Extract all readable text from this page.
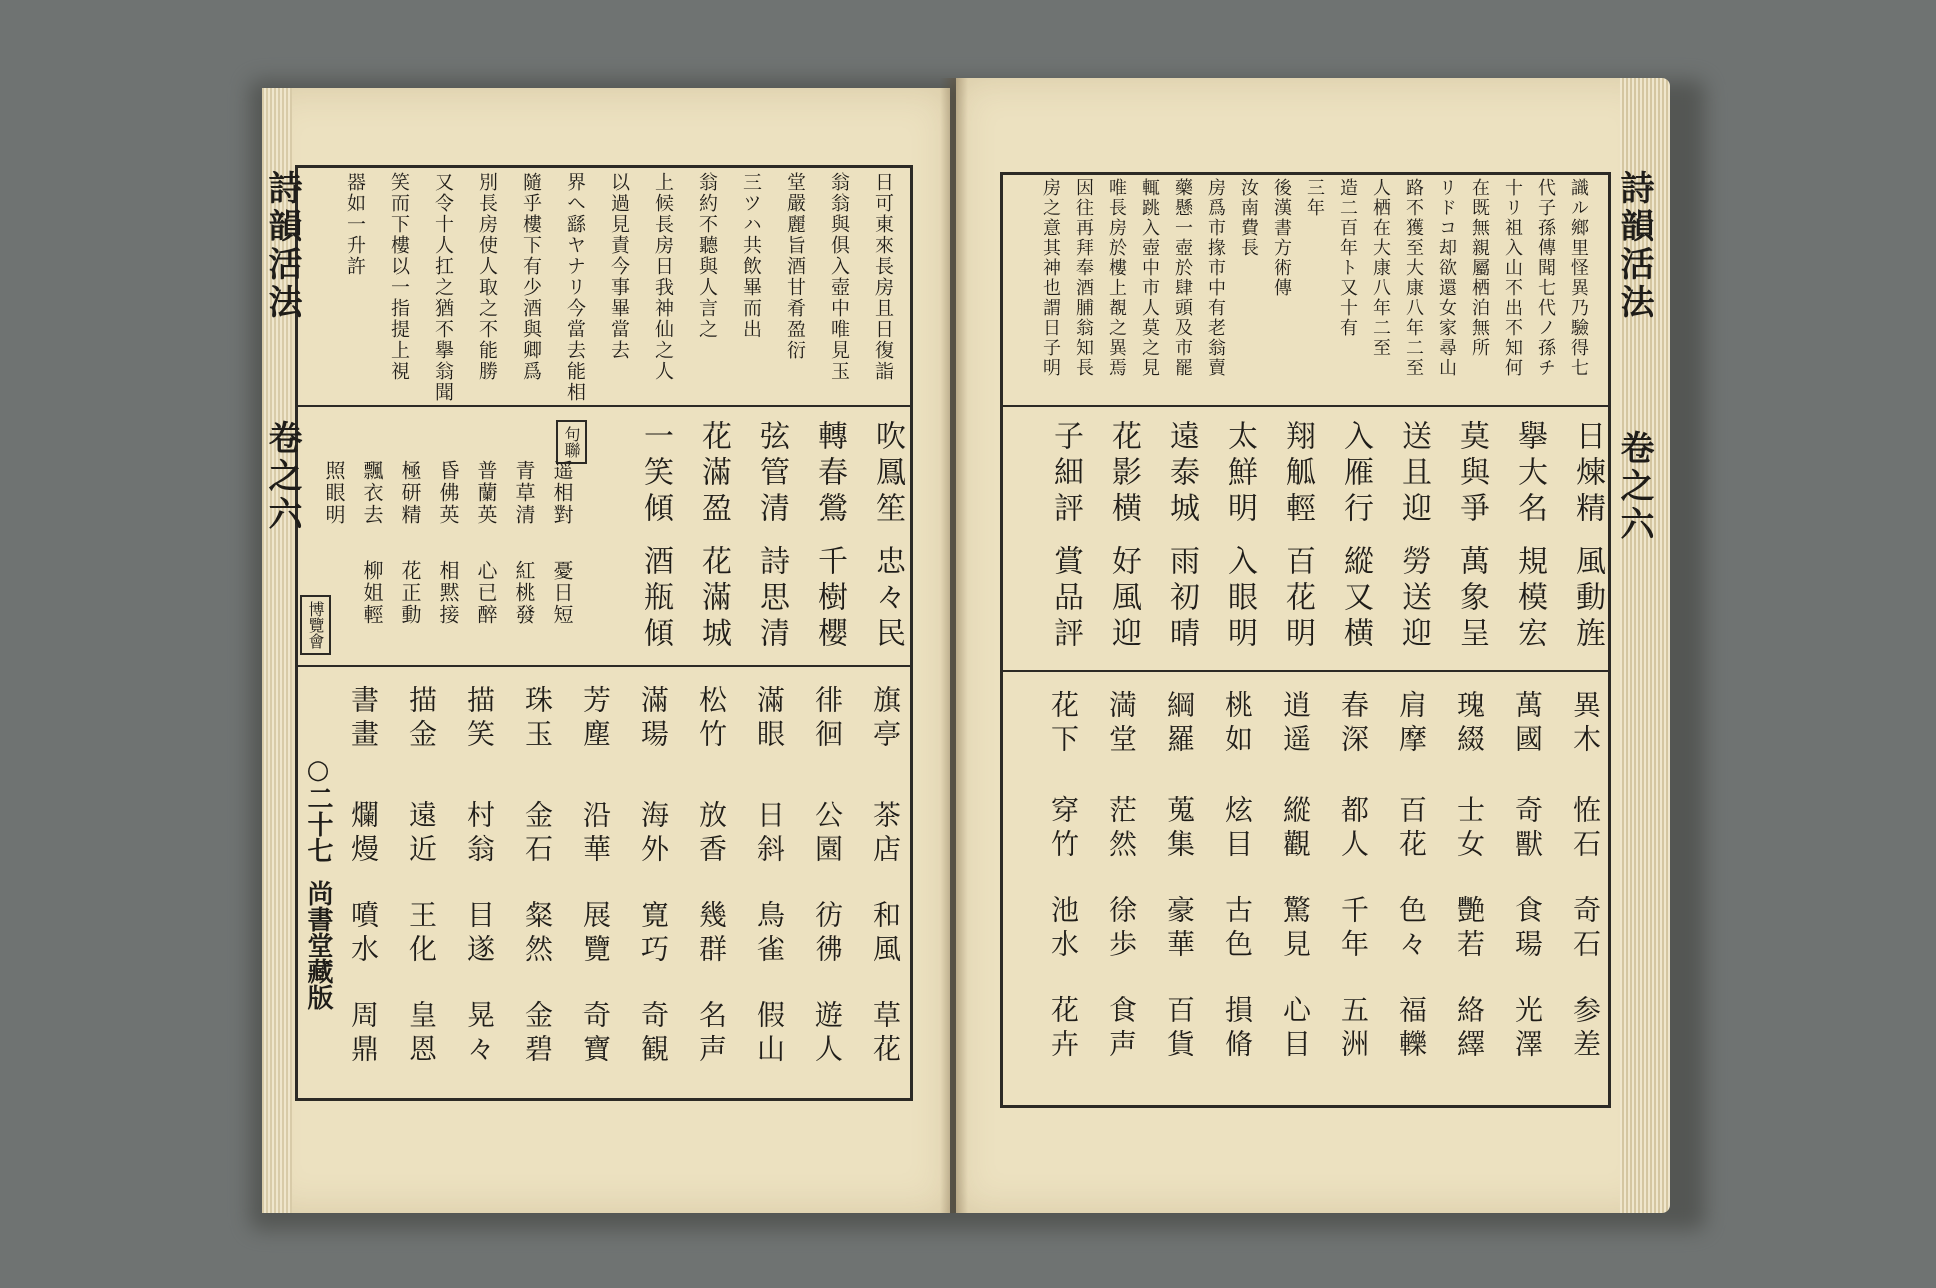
詩韻活法
卷之六
博覽會
○二十七
尚書堂藏版
日可東來長房且日復詣
翁翁與俱入壺中唯見玉
堂嚴麗旨酒甘肴盈衍
三ツハ共飲畢而出
翁約不聽與人言之
上候長房日我神仙之人
以過見責今事畢當去
界へ繇ヤナリ今當去能相
隨乎樓下有少酒與卿爲
別長房使人取之不能勝
又令十人扛之猶不擧翁聞
笑而下樓以一指提上視
器如一升許
句聯	吹鳳笙
轉春鶯
弦管清
花滿盈
一笑傾
遥相對
青草清
普蘭英
昏佛英
極研精
飄衣去
照眼明
忠々民
千樹櫻
詩思清
花滿城
酒瓶傾
憂日短
紅桃發
心已醉
相黙接
花正動
柳姐輕
旗亭
徘徊
滿眼
松竹
滿瑒
芳塵
珠玉
描笑
描金
書畫
茶店
公園
日斜
放香
海外
沿華
金石
村翁
遠近
爛熳
和風
彷彿
鳥雀
幾群
寛巧
展覽
粲然
目遂
王化
噴水
草花
遊人
假山
名声
奇観
奇寶
金碧
晃々
皇恩
周鼎
詩韻活法
卷之六
識ル鄉里怪異乃驗得七
代子孫傳聞七代ノ孫チ
十リ祖入山不出不知何
在既無親屬栖泊無所
リドコ却欲還女家尋山
路不獲至大康八年二至
人栖在大康八年二至
造二百年ト又十有
三年
後漢書方術傳
汝南費長
房爲市掾市中有老翁賣
藥懸一壺於肆頭及市罷
輒跳入壺中市人莫之見
唯長房於樓上覩之異焉
因往再拜奉酒脯翁知長
房之意其神也謂日子明
日煉精
擧大名
莫與爭
送且迎
入雁行
翔觚輕
太鮮明
遠泰城
花影横
子細評
風動旌
規模宏
萬象呈
勞送迎
縱又横
百花明
入眼明
雨初晴
好風迎
賞品評
異木
萬國
瑰綴
肩摩
春深
逍遥
桃如
綱羅
満堂
花下
恠石
奇獸
士女
百花
都人
縱觀
炫目
蒐集
茫然
穿竹
奇石
食瑒
艷若
色々
千年
驚見
古色
豪華
徐歩
池水
参差
光澤
絡繹
福轢
五洲
心目
損脩
百貨
食声
花卉
